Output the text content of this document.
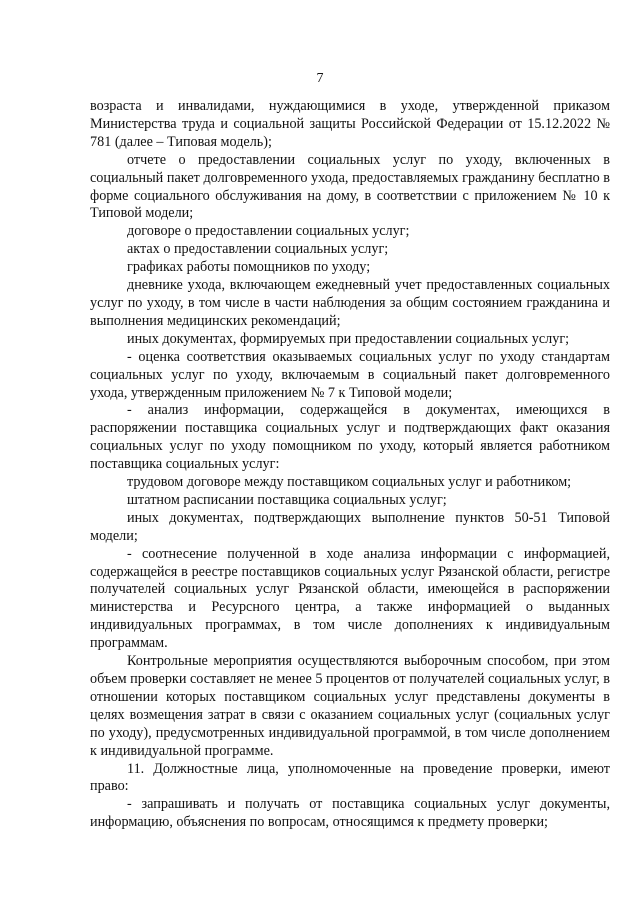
7

возраста и инвалидами, нуждающимися в уходе, утвержденной приказом Министерства труда и социальной защиты Российской Федерации от 15.12.2022 № 781 (далее – Типовая модель);

отчете о предоставлении социальных услуг по уходу, включенных в социальный пакет долговременного ухода, предоставляемых гражданину бесплатно в форме социального обслуживания на дому, в соответствии с приложением № 10 к Типовой модели;

договоре о предоставлении социальных услуг;

актах о предоставлении социальных услуг;

графиках работы помощников по уходу;

дневнике ухода, включающем ежедневный учет предоставленных социальных услуг по уходу, в том числе в части наблюдения за общим состоянием гражданина и выполнения медицинских рекомендаций;

иных документах, формируемых при предоставлении социальных услуг;

- оценка соответствия оказываемых социальных услуг по уходу стандартам социальных услуг по уходу, включаемым в социальный пакет долговременного ухода, утвержденным приложением № 7 к Типовой модели;

- анализ информации, содержащейся в документах, имеющихся в распоряжении поставщика социальных услуг и подтверждающих факт оказания социальных услуг по уходу помощником по уходу, который является работником поставщика социальных услуг:

трудовом договоре между поставщиком социальных услуг и работником;

штатном расписании поставщика социальных услуг;

иных документах, подтверждающих выполнение пунктов 50-51 Типовой модели;

- соотнесение полученной в ходе анализа информации с информацией, содержащейся в реестре поставщиков социальных услуг Рязанской области, регистре получателей социальных услуг Рязанской области, имеющейся в распоряжении министерства и Ресурсного центра, а также информацией о выданных индивидуальных программах, в том числе дополнениях к индивидуальным программам.

Контрольные мероприятия осуществляются выборочным способом, при этом объем проверки составляет не менее 5 процентов от получателей социальных услуг, в отношении которых поставщиком социальных услуг представлены документы в целях возмещения затрат в связи с оказанием социальных услуг (социальных услуг по уходу), предусмотренных индивидуальной программой, в том числе дополнением к индивидуальной программе.

11. Должностные лица, уполномоченные на проведение проверки, имеют право:

- запрашивать и получать от поставщика социальных услуг документы, информацию, объяснения по вопросам, относящимся к предмету проверки;
